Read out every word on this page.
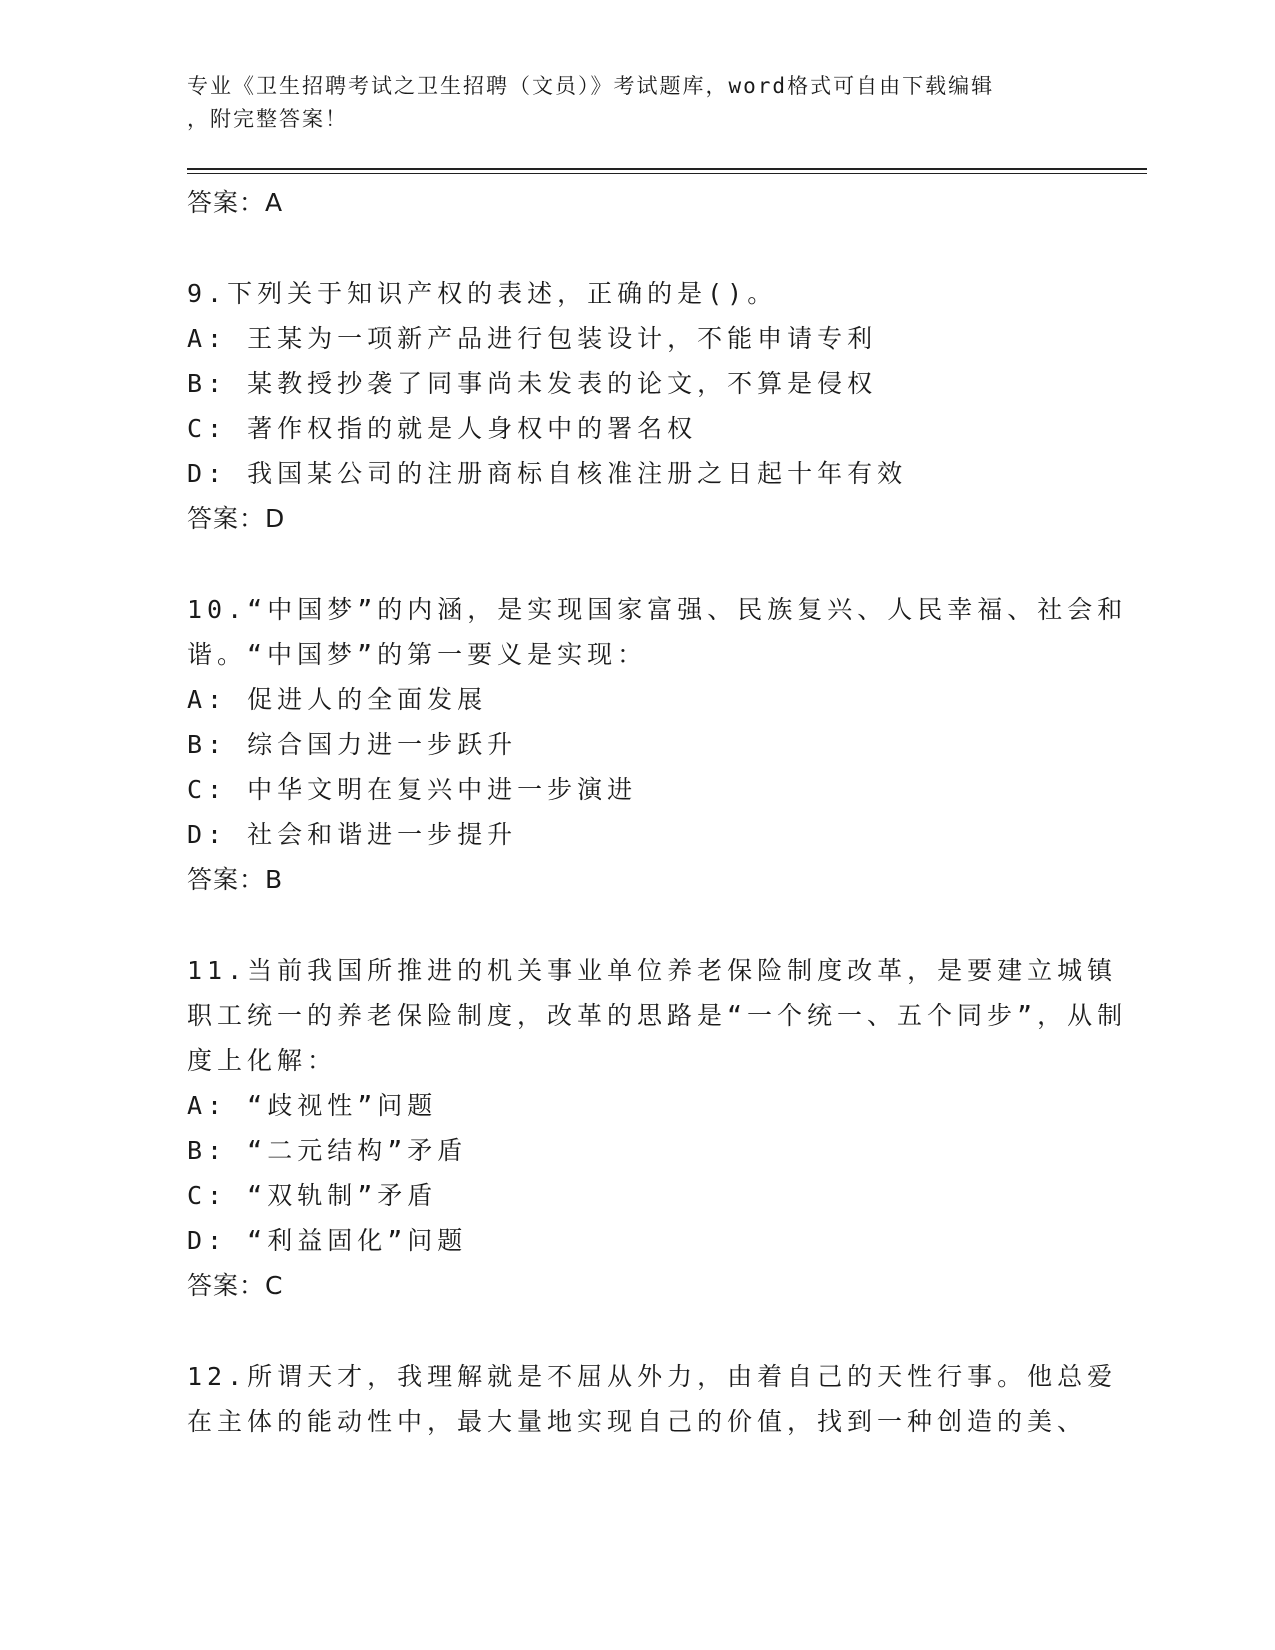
专业《卫生招聘考试之卫生招聘（文员）》考试题库，word格式可自由下载编辑
，附完整答案！
答案：A
9.下列关于知识产权的表述，正确的是()。
A: 王某为一项新产品进行包装设计，不能申请专利
B: 某教授抄袭了同事尚未发表的论文，不算是侵权
C: 著作权指的就是人身权中的署名权
D: 我国某公司的注册商标自核准注册之日起十年有效
答案：D
10.“中国梦”的内涵，是实现国家富强、民族复兴、人民幸福、社会和谐。“中国梦”的第一要义是实现：
A: 促进人的全面发展
B: 综合国力进一步跃升
C: 中华文明在复兴中进一步演进
D: 社会和谐进一步提升
答案：B
11.当前我国所推进的机关事业单位养老保险制度改革，是要建立城镇职工统一的养老保险制度，改革的思路是“一个统一、五个同步”，从制度上化解：
A: “歧视性”问题
B: “二元结构”矛盾
C: “双轨制”矛盾
D: “利益固化”问题
答案：C
12.所谓天才，我理解就是不屈从外力，由着自己的天性行事。他总爱在主体的能动性中，最大量地实现自己的价值，找到一种创造的美、
